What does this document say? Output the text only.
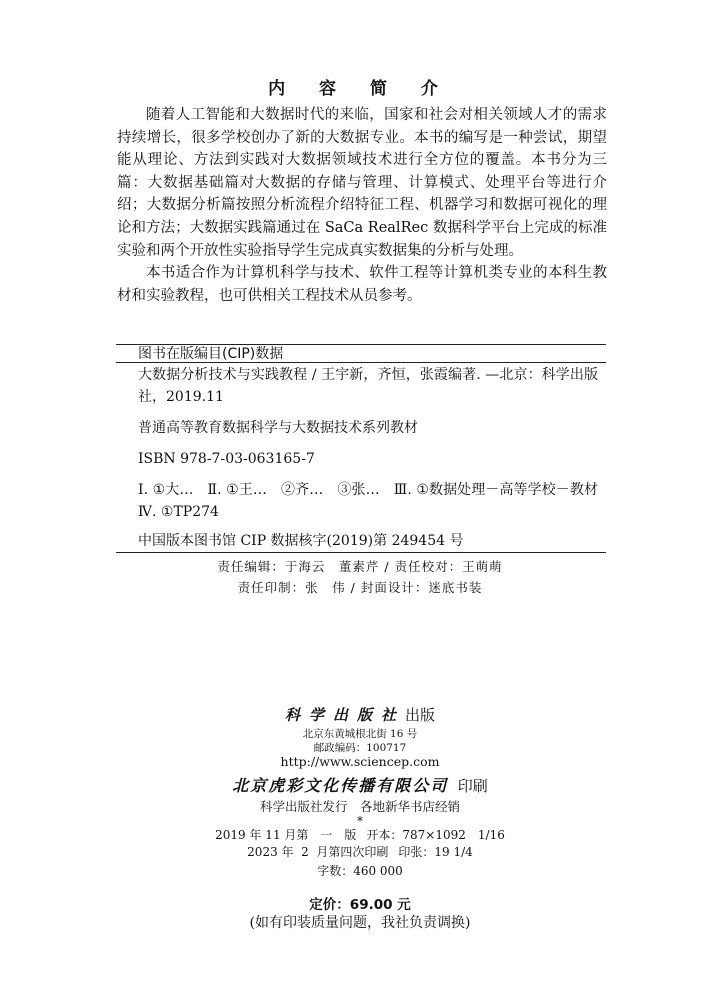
内 容 简 介

随着人工智能和大数据时代的来临，国家和社会对相关领域人才的需求持续增长，很多学校创办了新的大数据专业。本书的编写是一种尝试，期望能从理论、方法到实践对大数据领域技术进行全方位的覆盖。本书分为三篇：大数据基础篇对大数据的存储与管理、计算模式、处理平台等进行介绍；大数据分析篇按照分析流程介绍特征工程、机器学习和数据可视化的理论和方法；大数据实践篇通过在 SaCa RealRec 数据科学平台上完成的标准实验和两个开放性实验指导学生完成真实数据集的分析与处理。

本书适合作为计算机科学与技术、软件工程等计算机类专业的本科生教材和实验教程，也可供相关工程技术从员参考。

图书在版编目(CIP)数据

大数据分析技术与实践教程 / 王宇新，齐恒，张霞编著. —北京：科学出版社，2019.11

普通高等教育数据科学与大数据技术系列教材

ISBN 978-7-03-063165-7

Ⅰ. ①大…　Ⅱ. ①王…　②齐…　③张…　Ⅲ. ①数据处理－高等学校－教材　Ⅳ. ①TP274

中国版本图书馆 CIP 数据核字(2019)第 249454 号
责任编辑：于海云　董素芹 / 责任校对：王萌萌
责任印制：张　伟 / 封面设计：迷底书装
科学出版社出版
北京东黄城根北街 16 号
邮政编码：100717
http://www.sciencep.com
北京虎彩文化传播有限公司 印刷
科学出版社发行　各地新华书店经销
*
2019 年 11 月第　一　版 开本：787×1092　1/16
2023 年  2  月第四次印刷 印张：19 1/4
字数：460 000
定价：69.00 元
(如有印装质量问题，我社负责调换)
